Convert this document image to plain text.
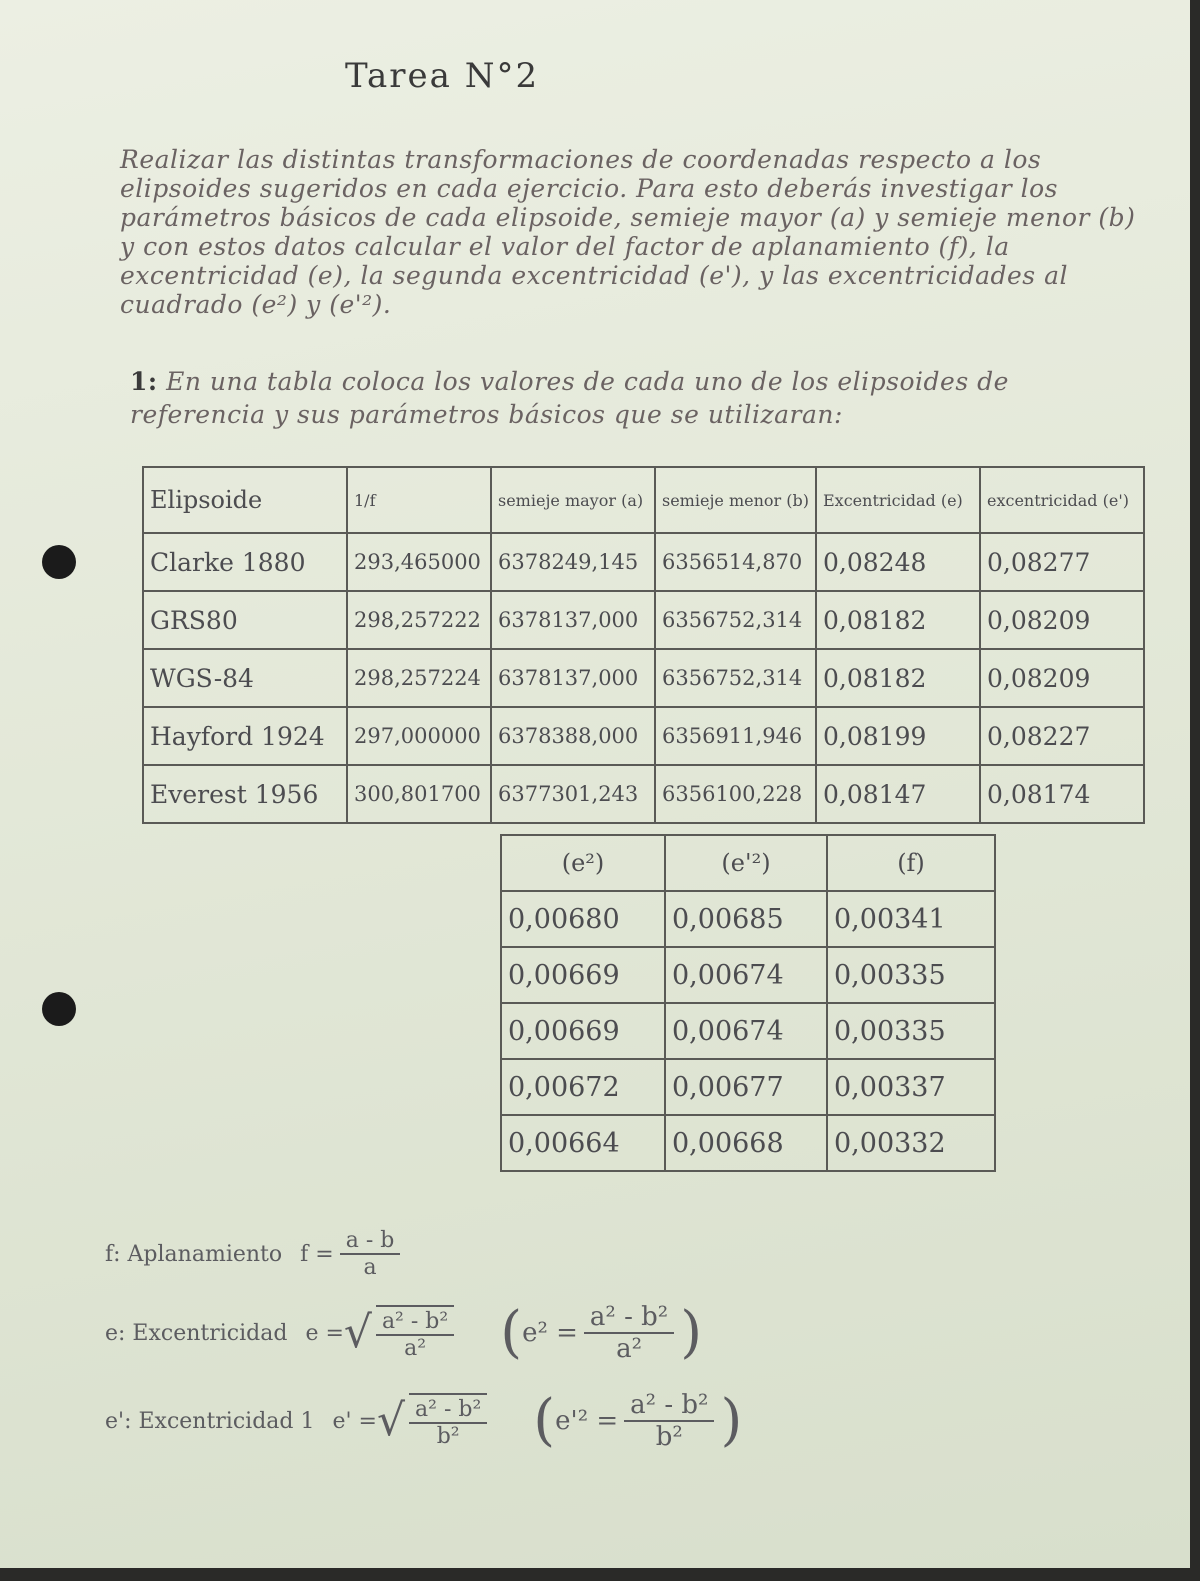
Tarea N°2

Realizar las distintas transformaciones de coordenadas respecto a los elipsoides sugeridos en cada ejercicio. Para esto deberás investigar los parámetros básicos de cada elipsoide, semieje mayor (a) y semieje menor (b) y con estos datos calcular el valor del factor de aplanamiento (f), la excentricidad (e), la segunda excentricidad (e'), y las excentricidades al cuadrado (e²) y (e'²).

1: En una tabla coloca los valores de cada uno de los elipsoides de referencia y sus parámetros básicos que se utilizaran:

Elipsoide	1/f	semieje mayor (a)	semieje menor (b)	Excentricidad (e)	excentricidad (e')
Clarke 1880	293,465000	6378249,145	6356514,870	0,08248	0,08277
GRS80	298,257222	6378137,000	6356752,314	0,08182	0,08209
WGS-84	298,257224	6378137,000	6356752,314	0,08182	0,08209
Hayford 1924	297,000000	6378388,000	6356911,946	0,08199	0,08227
Everest 1956	300,801700	6377301,243	6356100,228	0,08147	0,08174
(e²)	(e'²)	(f)
0,00680	0,00685	0,00341
0,00669	0,00674	0,00335
0,00669	0,00674	0,00335
0,00672	0,00677	0,00337
0,00664	0,00668	0,00332
f: Aplanamiento $f = \frac{a - b}{a}$
e: Excentricidad e = √ $\frac{\text{a² - b²}}{\text{a²}}$ ( $e^2 = \frac{\text{a² - b²}}{\text{a²}}$ )
e': Excentricidad 1 e' = √ $\frac{\text{a² - b²}}{\text{b²}}$ ( $e'^2 = \frac{\text{a² - b²}}{\text{b²}}$ )
